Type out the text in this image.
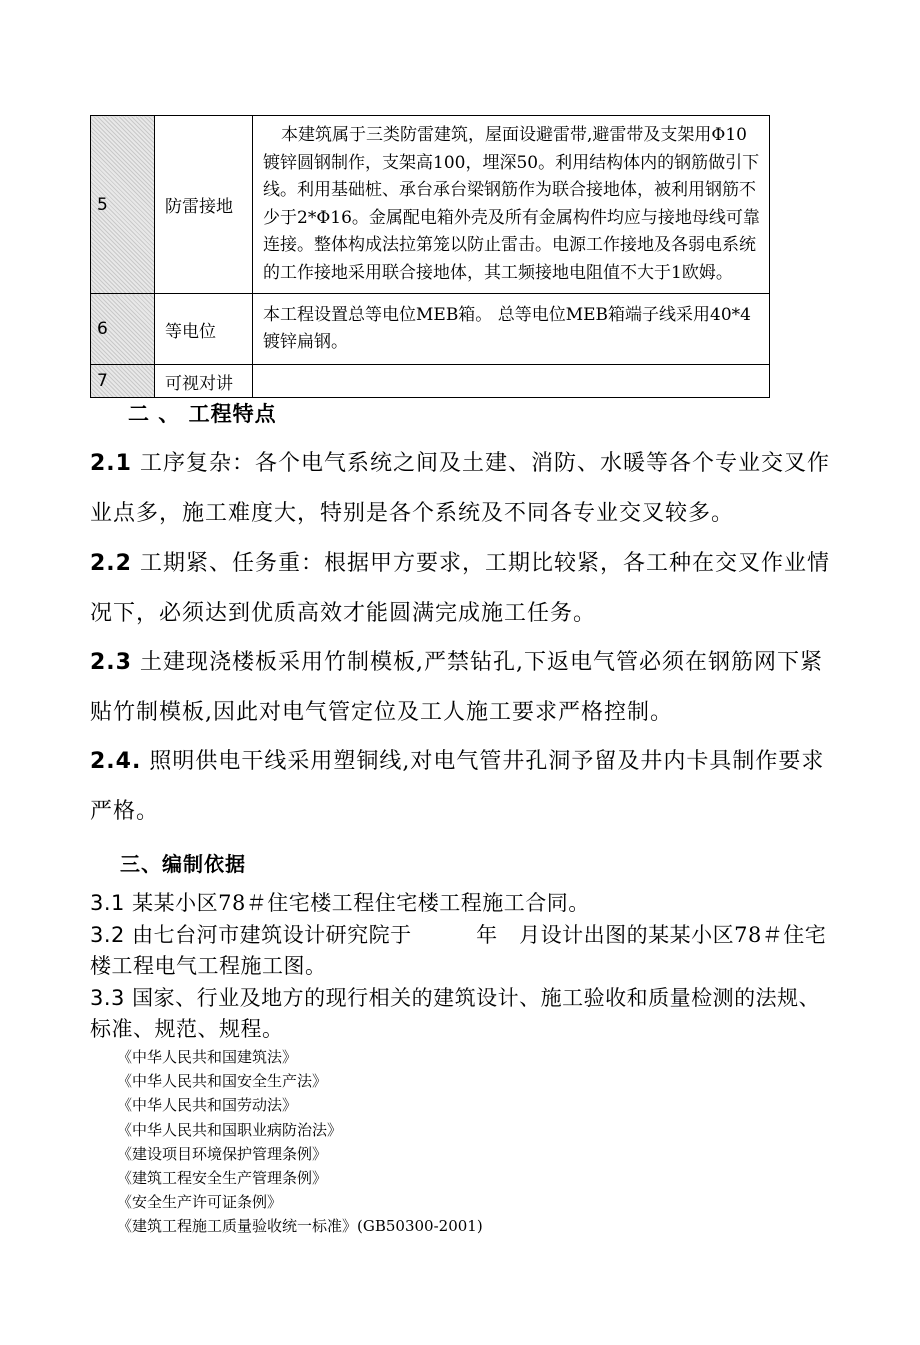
5	防雷接地	本建筑属于三类防雷建筑，屋面设避雷带,避雷带及支架用Φ10镀锌圆钢制作，支架高100，埋深50。利用结构体内的钢筋做引下线。利用基础桩、承台承台梁钢筋作为联合接地体，被利用钢筋不少于2*Φ16。金属配电箱外壳及所有金属构件均应与接地母线可靠连接。整体构成法拉第笼以防止雷击。电源工作接地及各弱电系统的工作接地采用联合接地体，其工频接地电阻值不大于1欧姆。
6	等电位	本工程设置总等电位MEB箱。 总等电位MEB箱端子线采用40*4镀锌扁钢。
7	可视对讲	
二 、 工程特点
2.1 工序复杂：各个电气系统之间及土建、消防、水暖等各个专业交叉作业点多，施工难度大，特别是各个系统及不同各专业交叉较多。
2.2 工期紧、任务重：根据甲方要求，工期比较紧，各工种在交叉作业情况下，必须达到优质高效才能圆满完成施工任务。
2.3 土建现浇楼板采用竹制模板,严禁钻孔,下返电气管必须在钢筋网下紧贴竹制模板,因此对电气管定位及工人施工要求严格控制。
2.4. 照明供电干线采用塑铜线,对电气管井孔洞予留及井内卡具制作要求严格。
三、编制依据
3.1 某某小区78＃住宅楼工程住宅楼工程施工合同。
3.2 由七台河市建筑设计研究院于　　　年　月设计出图的某某小区78＃住宅楼工程电气工程施工图。
3.3 国家、行业及地方的现行相关的建筑设计、施工验收和质量检测的法规、标准、规范、规程。
《中华人民共和国建筑法》
《中华人民共和国安全生产法》
《中华人民共和国劳动法》
《中华人民共和国职业病防治法》
《建设项目环境保护管理条例》
《建筑工程安全生产管理条例》
《安全生产许可证条例》
《建筑工程施工质量验收统一标准》(GB50300-2001)
